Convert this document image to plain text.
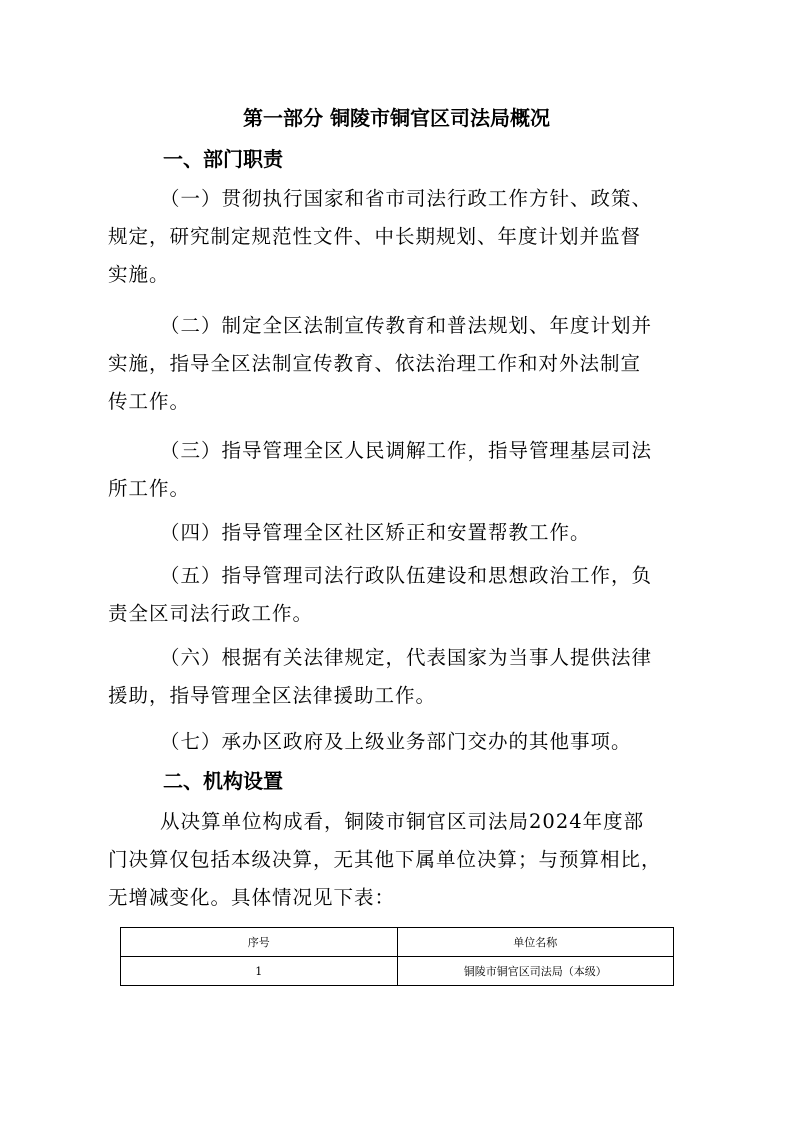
第一部分 铜陵市铜官区司法局概况
一、部门职责
（一）贯彻执行国家和省市司法行政工作方针、政策、
规定，研究制定规范性文件、中长期规划、年度计划并监督
实施。
（二）制定全区法制宣传教育和普法规划、年度计划并
实施，指导全区法制宣传教育、依法治理工作和对外法制宣
传工作。
（三）指导管理全区人民调解工作，指导管理基层司法
所工作。
（四）指导管理全区社区矫正和安置帮教工作。
（五）指导管理司法行政队伍建设和思想政治工作，负
责全区司法行政工作。
（六）根据有关法律规定，代表国家为当事人提供法律
援助，指导管理全区法律援助工作。
（七）承办区政府及上级业务部门交办的其他事项。
二、机构设置
从决算单位构成看，铜陵市铜官区司法局2024年度部
门决算仅包括本级决算，无其他下属单位决算；与预算相比，
无增减变化。具体情况见下表：
序号	单位名称
1	铜陵市铜官区司法局（本级）
